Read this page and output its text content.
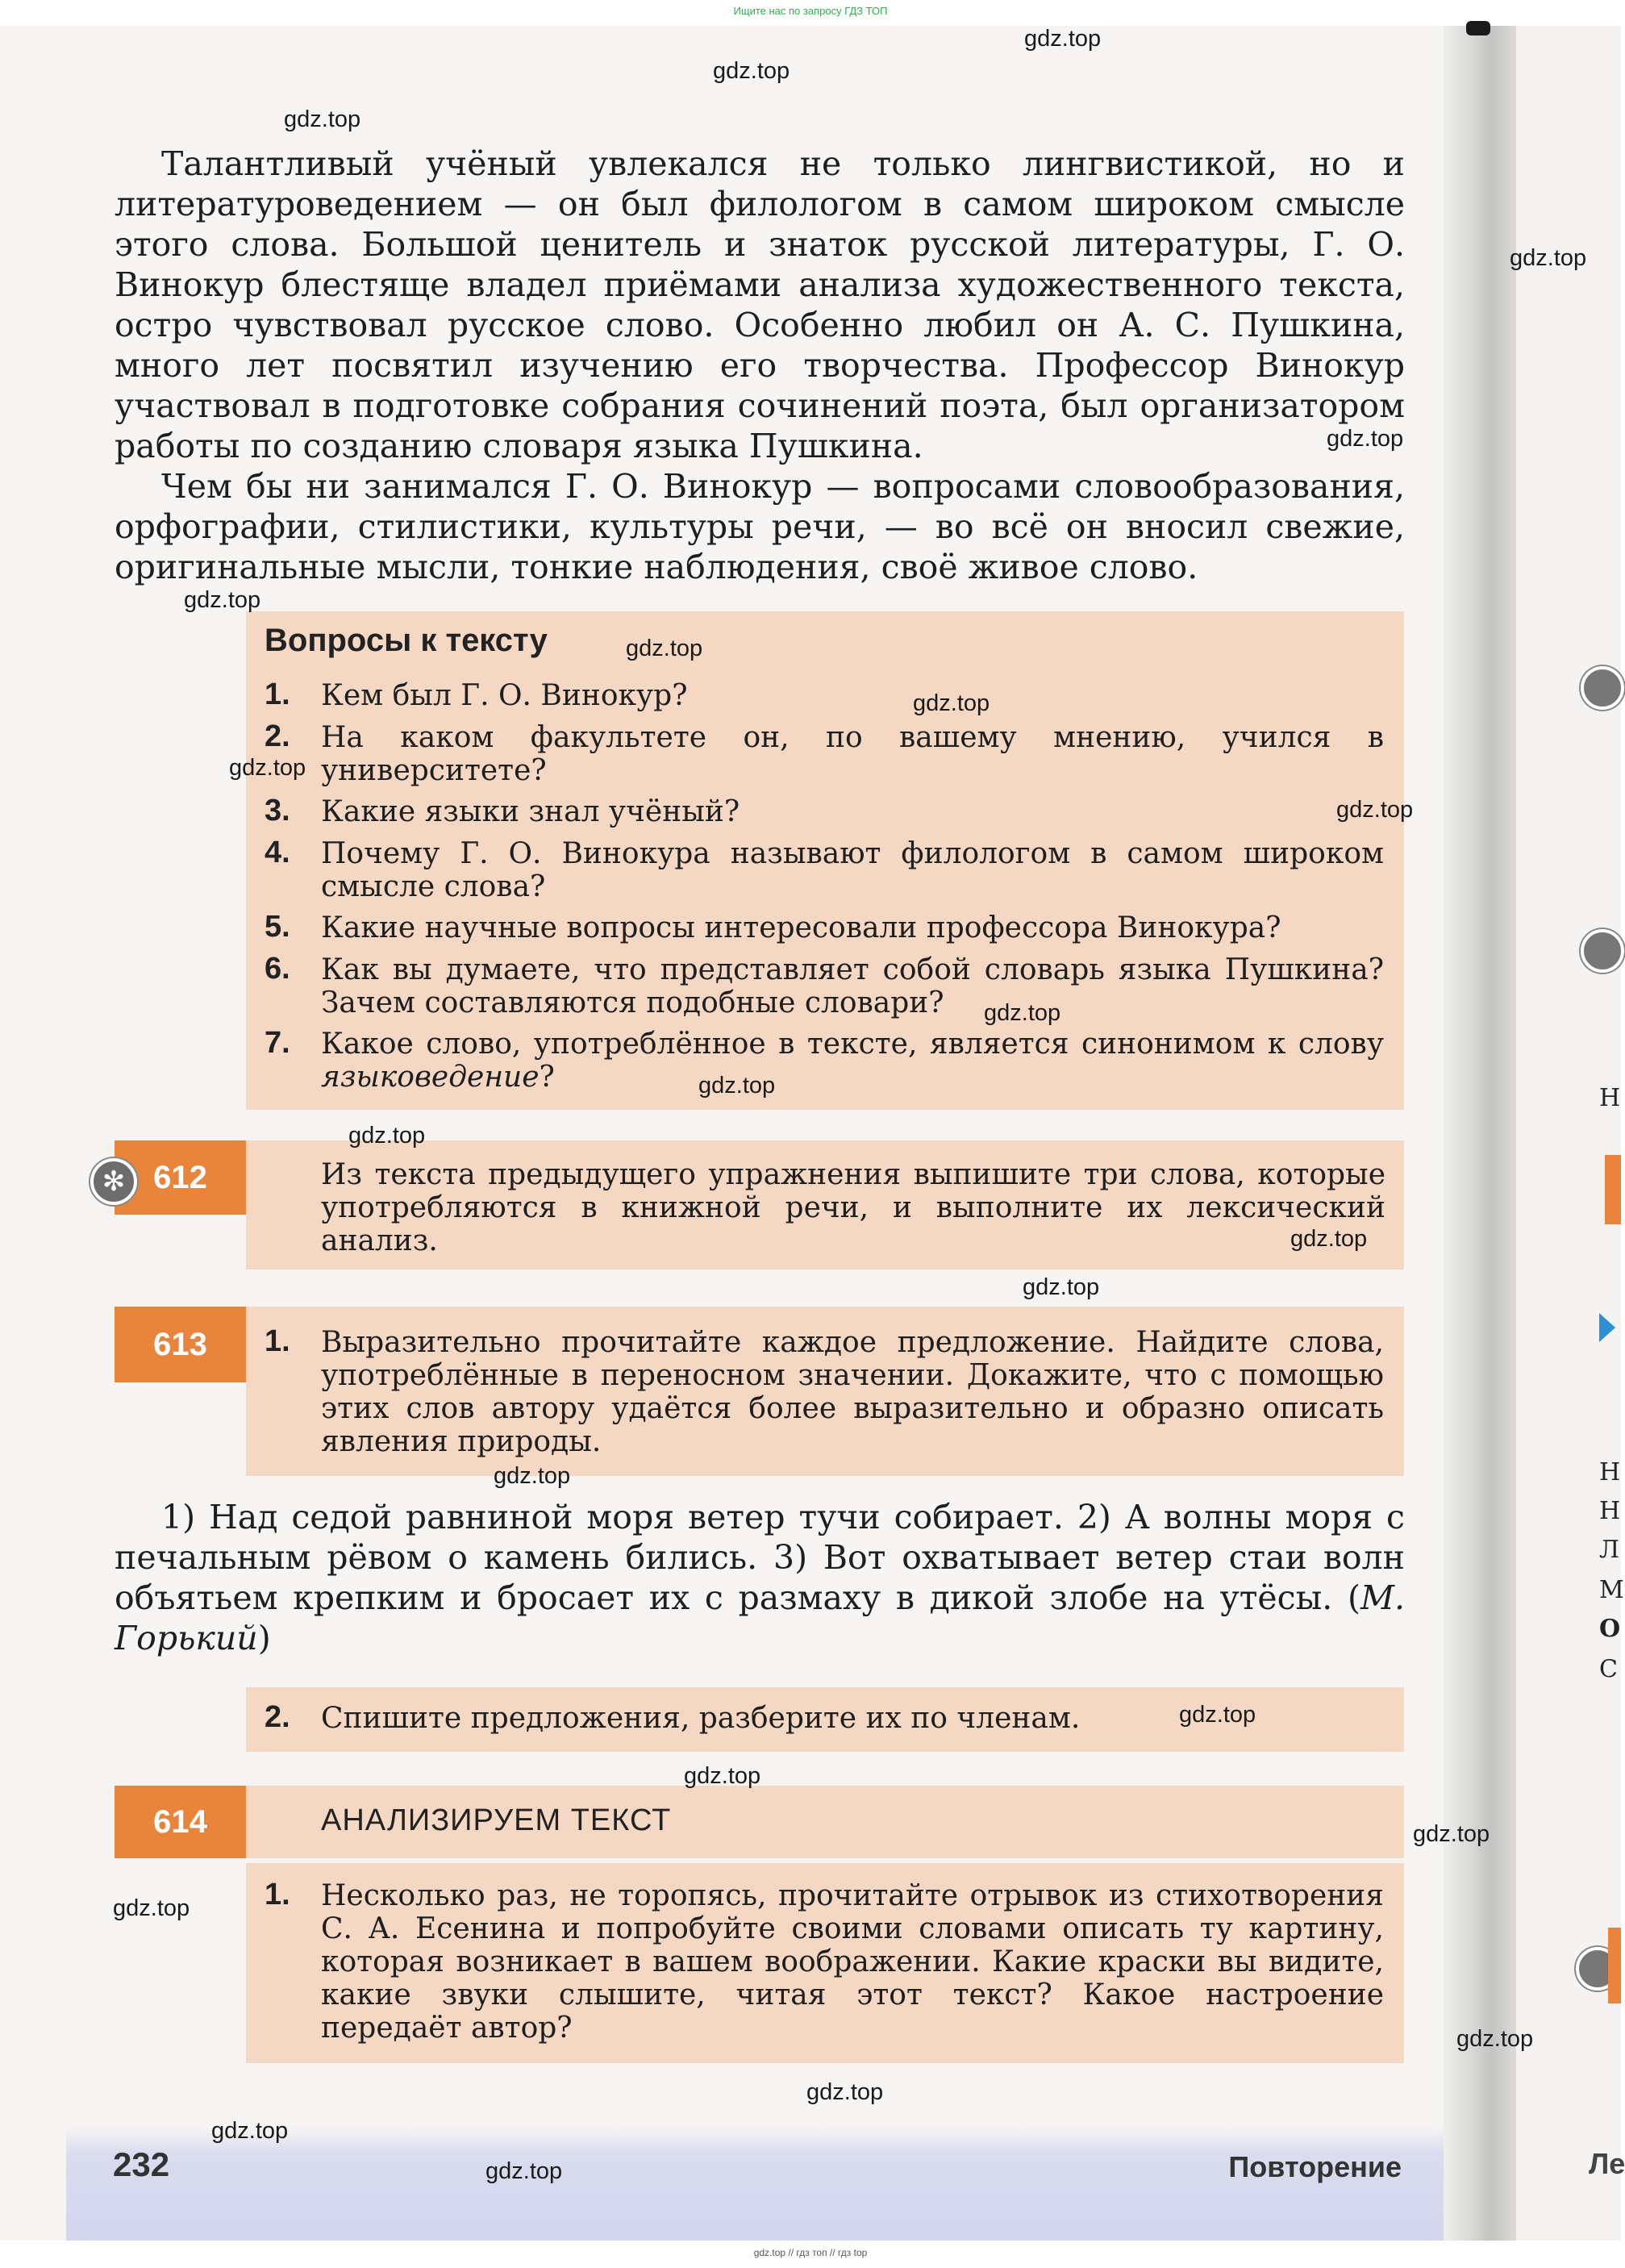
Ищите нас по запросу ГДЗ ТОП
Н
Н
Н
Л
М
О
С

Талантливый учёный увлекался не только лингвистикой, но и литературоведением — он был филологом в самом широком смысле этого слова. Большой ценитель и знаток русской литературы, Г. О. Винокур блестяще владел приёмами анализа художественного текста, остро чувствовал русское слово. Особенно любил он А. С. Пушкина, много лет посвятил изучению его творчества. Профессор Винокур участвовал в подготовке собрания сочинений поэта, был организатором работы по созданию словаря языка Пушкина.

Чем бы ни занимался Г. О. Винокур — вопросами словообразования, орфографии, стилистики, культуры речи, — во всё он вносил свежие, оригинальные мысли, тонкие наблюдения, своё живое слово.

Вопросы к тексту
1. Кем был Г. О. Винокур?
2. На каком факультете он, по вашему мнению, учился в университете?
3. Какие языки знал учёный?
4. Почему Г. О. Винокура называют филологом в самом широком смысле слова?
5. Какие научные вопросы интересовали профессора Винокура?
6. Как вы думаете, что представляет собой словарь языка Пушкина? Зачем составляются подобные словари?
7. Какое слово, употреблённое в тексте, является синонимом к слову языковедение?
612
✻	Из текста предыдущего упражнения выпишите три слова, которые употребляются в книжной речи, и выполните их лексический анализ.
613 1. Выразительно прочитайте каждое предложение. Найдите слова, употреблённые в переносном значении. Докажите, что с помощью этих слов автору удаётся более выразительно и образно описать явления природы.

1) Над седой равниной моря ветер тучи собирает. 2) А волны моря с печальным рёвом о камень бились. 3) Вот охватывает ветер стаи волн объятьем крепким и бросает их с размаху в дикой злобе на утёсы. (М. Горький)

2. Спишите предложения, разберите их по членам.
614	АНАЛИЗИРУЕМ ТЕКСТ
1. Несколько раз, не торопясь, прочитайте отрывок из стихотворения С. А. Есенина и попробуйте своими словами описать ту картину, которая возникает в вашем воображении. Какие краски вы видите, какие звуки слышите, читая этот текст? Какое настроение передаёт автор?
232	Повторение	Ле
gdz.top // гдз топ // гдз top
gdz.top
gdz.top
gdz.top
gdz.top
gdz.top
gdz.top
gdz.top
gdz.top
gdz.top
gdz.top
gdz.top
gdz.top
gdz.top
gdz.top
gdz.top
gdz.top
gdz.top
gdz.top
gdz.top
gdz.top
gdz.top
gdz.top
gdz.top
gdz.top
